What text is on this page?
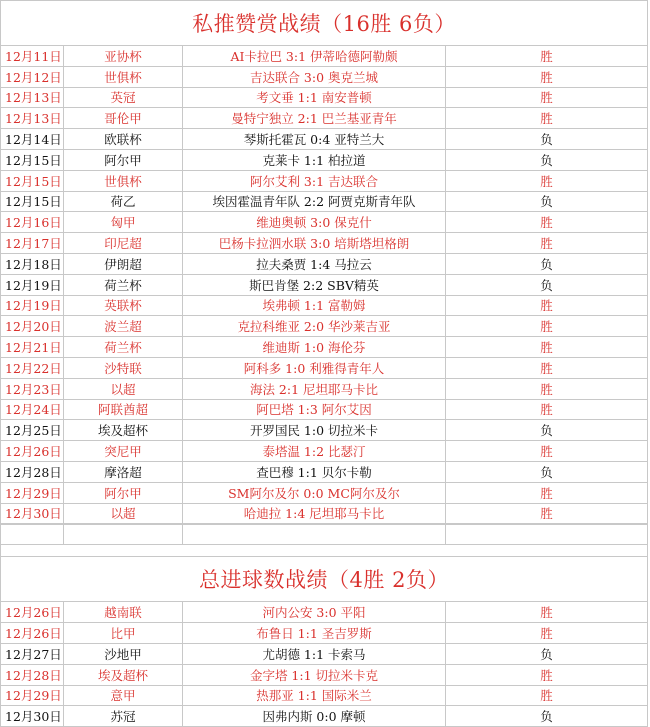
私推赞赏战绩（16胜 6负）
12月11日	亚协杯	AI卡拉巴 3:1 伊蒂哈德阿勒颇	胜
12月12日	世俱杯	吉达联合 3:0 奥克兰城	胜
12月13日	英冠	考文垂 1:1 南安普顿	胜
12月13日	哥伦甲	曼特宁独立 2:1 巴兰基亚青年	胜
12月14日	欧联杯	琴斯托霍瓦 0:4 亚特兰大	负
12月15日	阿尔甲	克莱卡 1:1 柏拉道	负
12月15日	世俱杯	阿尔艾利 3:1 吉达联合	胜
12月15日	荷乙	埃因霍温青年队 2:2 阿贾克斯青年队	负
12月16日	匈甲	维迪奥顿 3:0 保克什	胜
12月17日	印尼超	巴杨卡拉泗水联 3:0 培斯塔坦格朗	胜
12月18日	伊朗超	拉夫桑贾 1:4 马拉云	负
12月19日	荷兰杯	斯巴肯堡 2:2 SBV精英	负
12月19日	英联杯	埃弗顿 1:1 富勒姆	胜
12月20日	波兰超	克拉科维亚 2:0 华沙莱吉亚	胜
12月21日	荷兰杯	维迪斯 1:0 海伦芬	胜
12月22日	沙特联	阿科多 1:0 利雅得青年人	胜
12月23日	以超	海法 2:1 尼坦耶马卡比	胜
12月24日	阿联酋超	阿巴塔 1:3 阿尔艾因	胜
12月25日	埃及超杯	开罗国民 1:0 切拉米卡	负
12月26日	突尼甲	泰塔温 1:2 比瑟汀	胜
12月28日	摩洛超	查巴穆 1:1 贝尔卡勒	负
12月29日	阿尔甲	SM阿尔及尔 0:0 MC阿尔及尔	胜
12月30日	以超	哈迪拉 1:4 尼坦耶马卡比	胜

总进球数战绩（4胜 2负）
12月26日	越南联	河内公安 3:0 平阳	胜
12月26日	比甲	布鲁日 1:1 圣吉罗斯	胜
12月27日	沙地甲	尤胡德 1:1 卡索马	负
12月28日	埃及超杯	金字塔 1:1 切拉米卡克	胜
12月29日	意甲	热那亚 1:1 国际米兰	胜
12月30日	苏冠	因弗内斯 0:0 摩顿	负
